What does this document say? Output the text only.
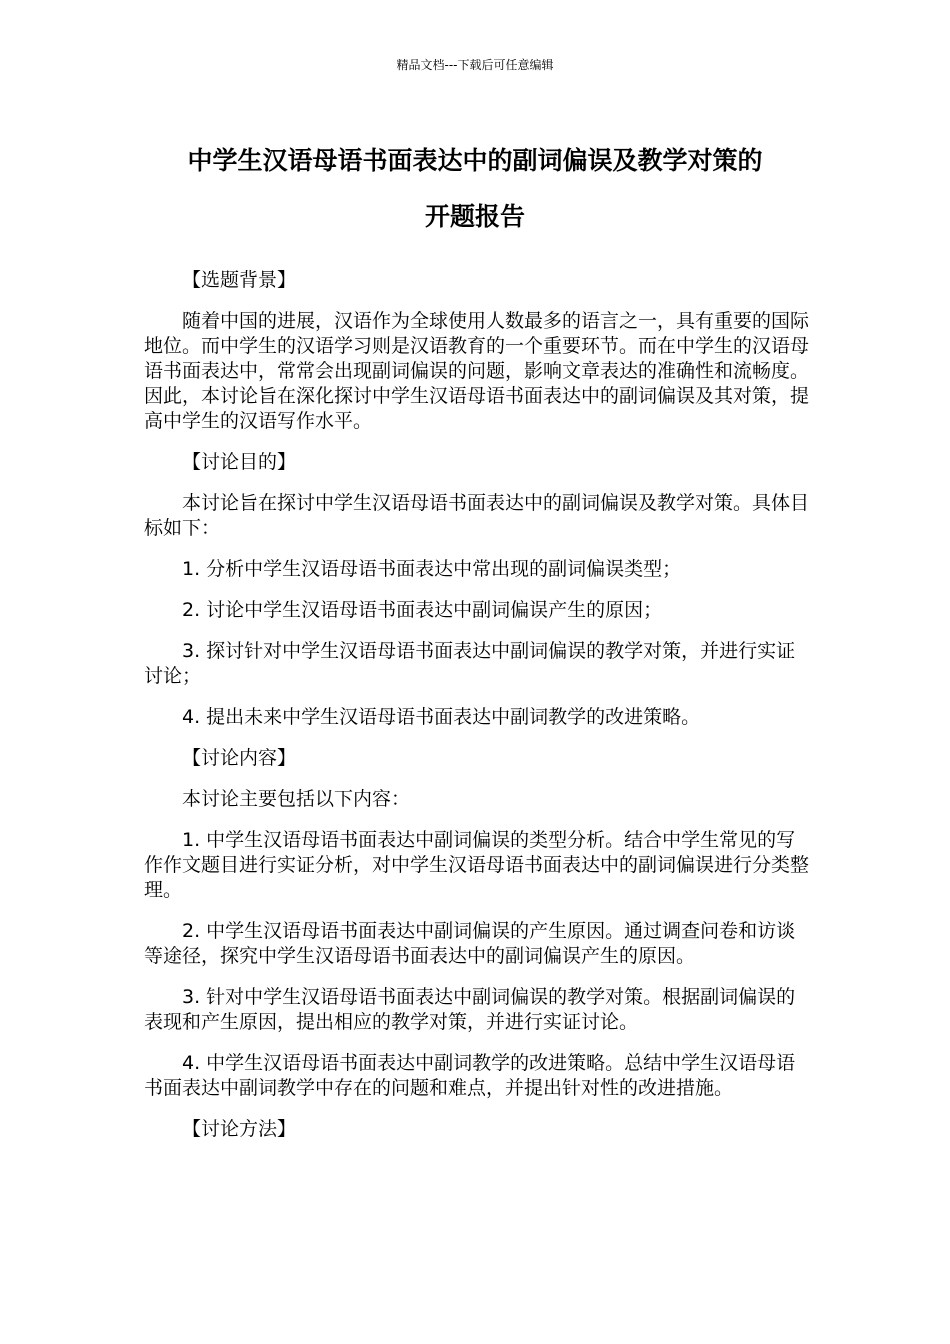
精品文档---下载后可任意编辑
中学生汉语母语书面表达中的副词偏误及教学对策的
开题报告

【选题背景】

随着中国的进展，汉语作为全球使用人数最多的语言之一，具有重要的国际地位。而中学生的汉语学习则是汉语教育的一个重要环节。而在中学生的汉语母语书面表达中，常常会出现副词偏误的问题，影响文章表达的准确性和流畅度。因此，本讨论旨在深化探讨中学生汉语母语书面表达中的副词偏误及其对策，提高中学生的汉语写作水平。

【讨论目的】

本讨论旨在探讨中学生汉语母语书面表达中的副词偏误及教学对策。具体目标如下：

1. 分析中学生汉语母语书面表达中常出现的副词偏误类型；

2. 讨论中学生汉语母语书面表达中副词偏误产生的原因；

3. 探讨针对中学生汉语母语书面表达中副词偏误的教学对策，并进行实证讨论；

4. 提出未来中学生汉语母语书面表达中副词教学的改进策略。

【讨论内容】

本讨论主要包括以下内容：

1. 中学生汉语母语书面表达中副词偏误的类型分析。结合中学生常见的写作作文题目进行实证分析，对中学生汉语母语书面表达中的副词偏误进行分类整理。

2. 中学生汉语母语书面表达中副词偏误的产生原因。通过调查问卷和访谈等途径，探究中学生汉语母语书面表达中的副词偏误产生的原因。

3. 针对中学生汉语母语书面表达中副词偏误的教学对策。根据副词偏误的表现和产生原因，提出相应的教学对策，并进行实证讨论。

4. 中学生汉语母语书面表达中副词教学的改进策略。总结中学生汉语母语书面表达中副词教学中存在的问题和难点，并提出针对性的改进措施。

【讨论方法】
